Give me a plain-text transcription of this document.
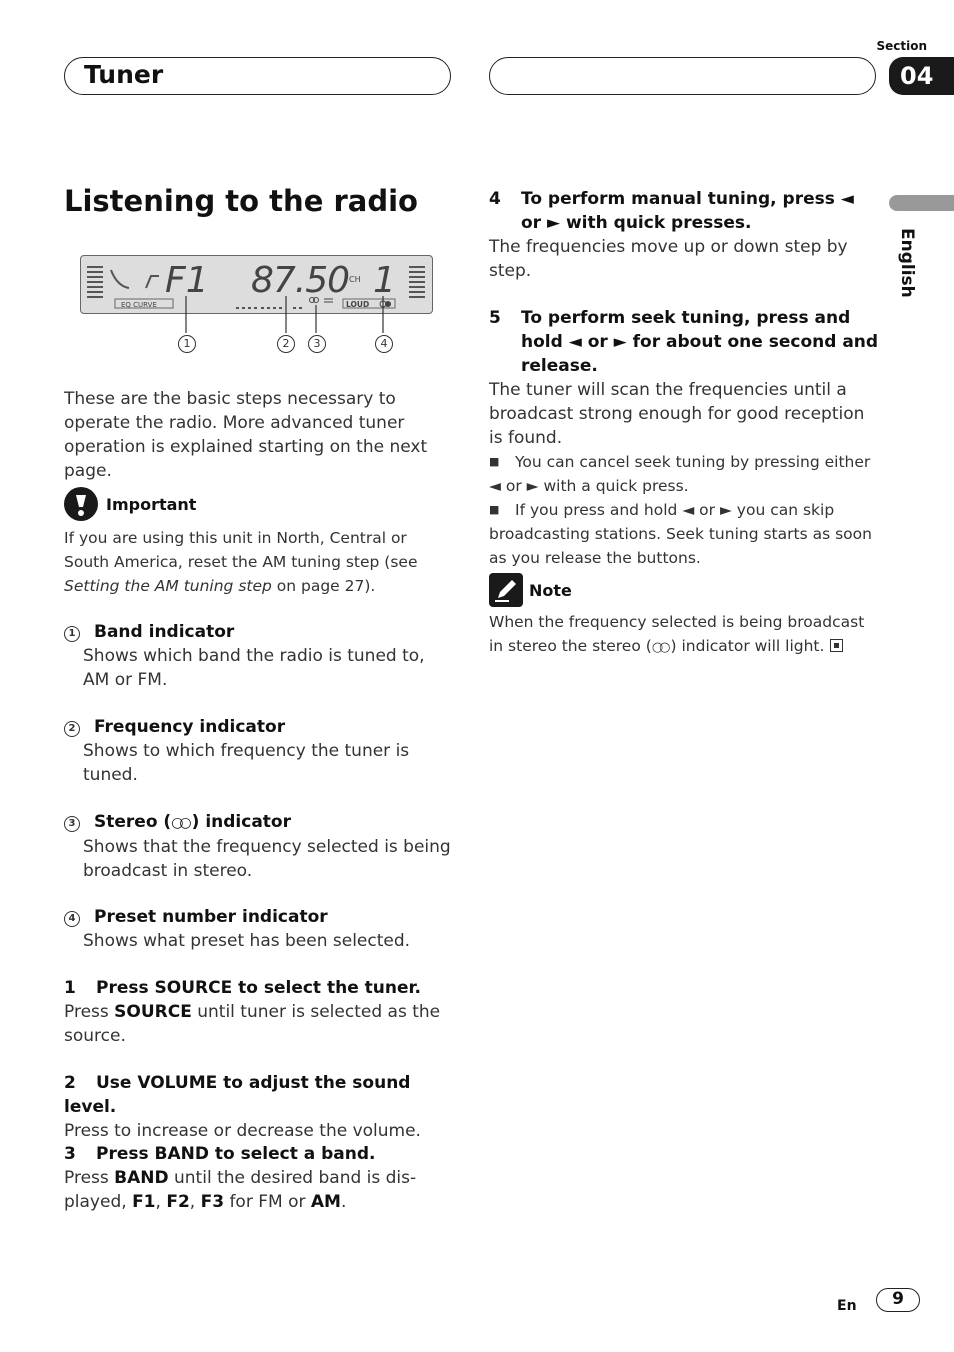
Tuner
Section
04
English
Listening to the radio
F1 87.50 CH 1
EQ CURVE	LOUD
1	2	3	4
These are the basic steps necessary to operate the radio. More advanced tuner operation is explained starting on the next page.
Important
If you are using this unit in North, Central or South America, reset the AM tuning step (see Setting the AM tuning step on page 27).
1 Band indicator
Shows which band the radio is tuned to, AM or FM.
2 Frequency indicator
Shows to which frequency the tuner is tuned.
3 Stereo (○○ ) indicator
Shows that the frequency selected is being broadcast in stereo.
4 Preset number indicator
Shows what preset has been selected.
1 Press SOURCE to select the tuner.
Press SOURCE until tuner is selected as the source.
2 Use VOLUME to adjust the sound level.
Press to increase or decrease the volume.
3 Press BAND to select a band.
Press BAND until the desired band is dis-played, F1, F2, F3 for FM or AM.
4	To perform manual tuning, press ◄ or ► with quick presses.
The frequencies move up or down step by step.
5	To perform seek tuning, press and hold ◄ or ► for about one second and release.
The tuner will scan the frequencies until a broadcast strong enough for good reception is found.
■ You can cancel seek tuning by pressing either ◄ or ► with a quick press.
■ If you press and hold ◄ or ► you can skip broadcasting stations. Seek tuning starts as soon as you release the buttons.
Note
When the frequency selected is being broadcast in stereo the stereo (○○ ) indicator will light.
En	9
